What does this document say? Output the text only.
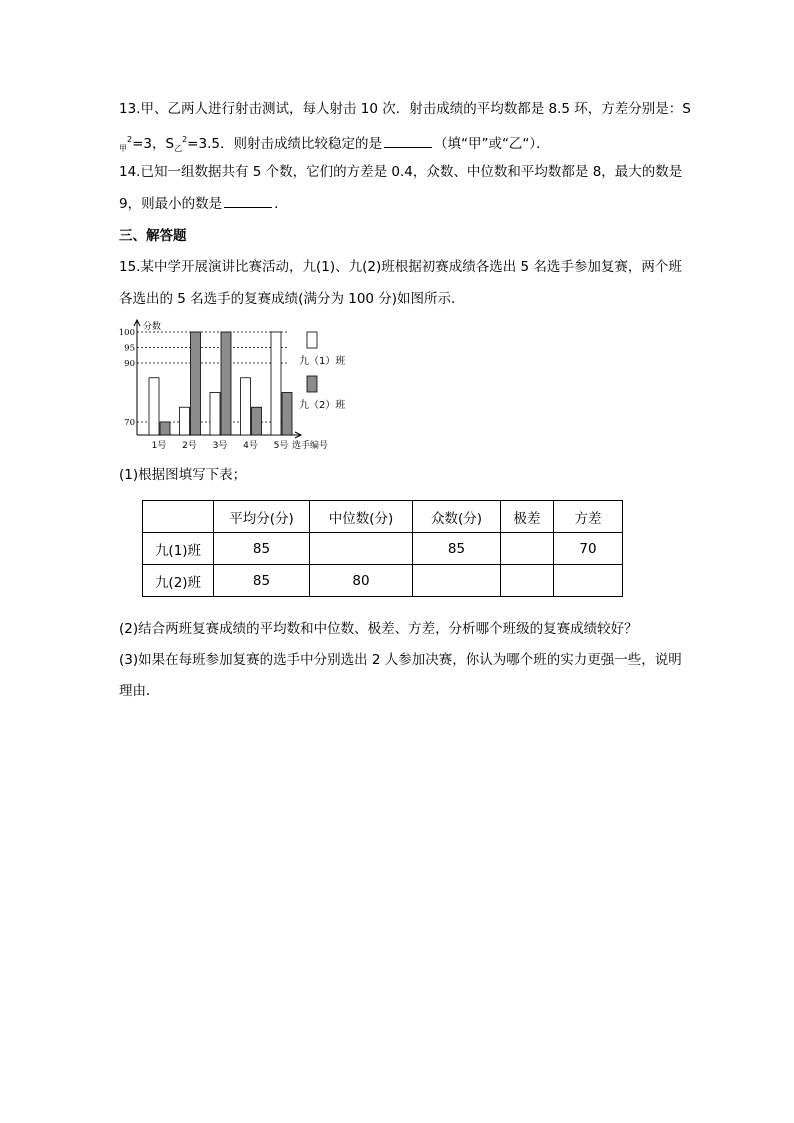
13.甲、乙两人进行射击测试，每人射击 10 次．射击成绩的平均数都是 8.5 环，方差分别是：S
$_甲^2$=3，$S_乙^2=3.5$．则射击成绩比较稳定的是	（填“甲”或“乙“）．
14.已知一组数据共有 5 个数，它们的方差是 0.4，众数、中位数和平均数都是 8，最大的数是
9，则最小的数是	．
三、解答题
15.某中学开展演讲比赛活动，九(1)、九(2)班根据初赛成绩各选出 5 名选手参加复赛，两个班
各选出的 5 名选手的复赛成绩(满分为 100 分)如图所示．
分数
70
90
95
100
1号 2号 3号 4号 5号 选手编号
九（1）班
九（2）班
(1)根据图填写下表；
	平均分(分)	中位数(分)	众数(分)	极差	方差
九(1)班	85		85		70
九(2)班	85	80			
(2)结合两班复赛成绩的平均数和中位数、极差、方差，分析哪个班级的复赛成绩较好？
(3)如果在每班参加复赛的选手中分别选出 2 人参加决赛，你认为哪个班的实力更强一些，说明
理由．
